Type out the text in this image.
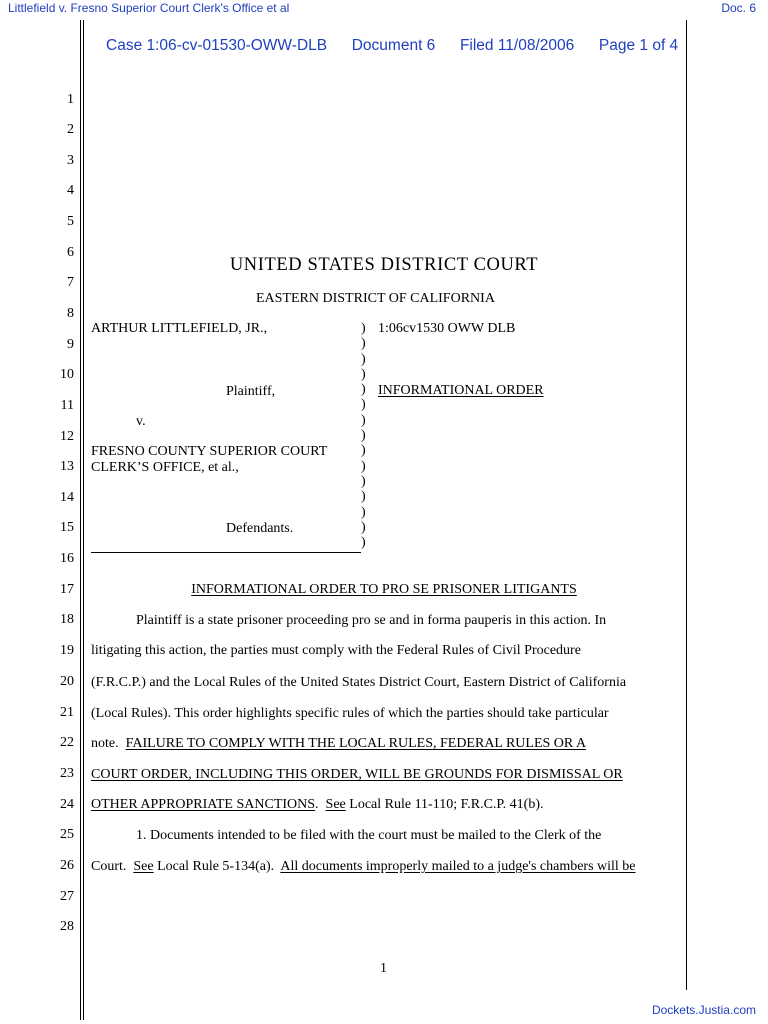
Littlefield v. Fresno Superior Court Clerk's Office et al	Doc. 6
Case 1:06-cv-01530-OWW-DLB Document 6 Filed 11/08/2006 Page 1 of 4
1
2
3
4
5
6
7
8
9
10
11
12
13
14
15
16
17
18
19
20
21
22
23
24
25
26
27
28
UNITED STATES DISTRICT COURT
EASTERN DISTRICT OF CALIFORNIA
ARTHUR LITTLEFIELD, JR.,
Plaintiff,
v.
FRESNO COUNTY SUPERIOR COURT
CLERK’S OFFICE, et al.,
Defendants.
)
)
)
)
)
)
)
)
)
)
)
)
)
)
)
1:06cv1530 OWW DLB
INFORMATIONAL ORDER
INFORMATIONAL ORDER TO PRO SE PRISONER LITIGANTS
Plaintiff is a state prisoner proceeding pro se and in forma pauperis in this action. In
litigating this action, the parties must comply with the Federal Rules of Civil Procedure
(F.R.C.P.) and the Local Rules of the United States District Court, Eastern District of California
(Local Rules). This order highlights specific rules of which the parties should take particular
note.  FAILURE TO COMPLY WITH THE LOCAL RULES, FEDERAL RULES OR A
COURT ORDER, INCLUDING THIS ORDER, WILL BE GROUNDS FOR DISMISSAL OR
OTHER APPROPRIATE SANCTIONS.  See Local Rule 11-110; F.R.C.P. 41(b).
1. Documents intended to be filed with the court must be mailed to the Clerk of the
Court.  See Local Rule 5-134(a).  All documents improperly mailed to a judge's chambers will be
1
Dockets.Justia.com
